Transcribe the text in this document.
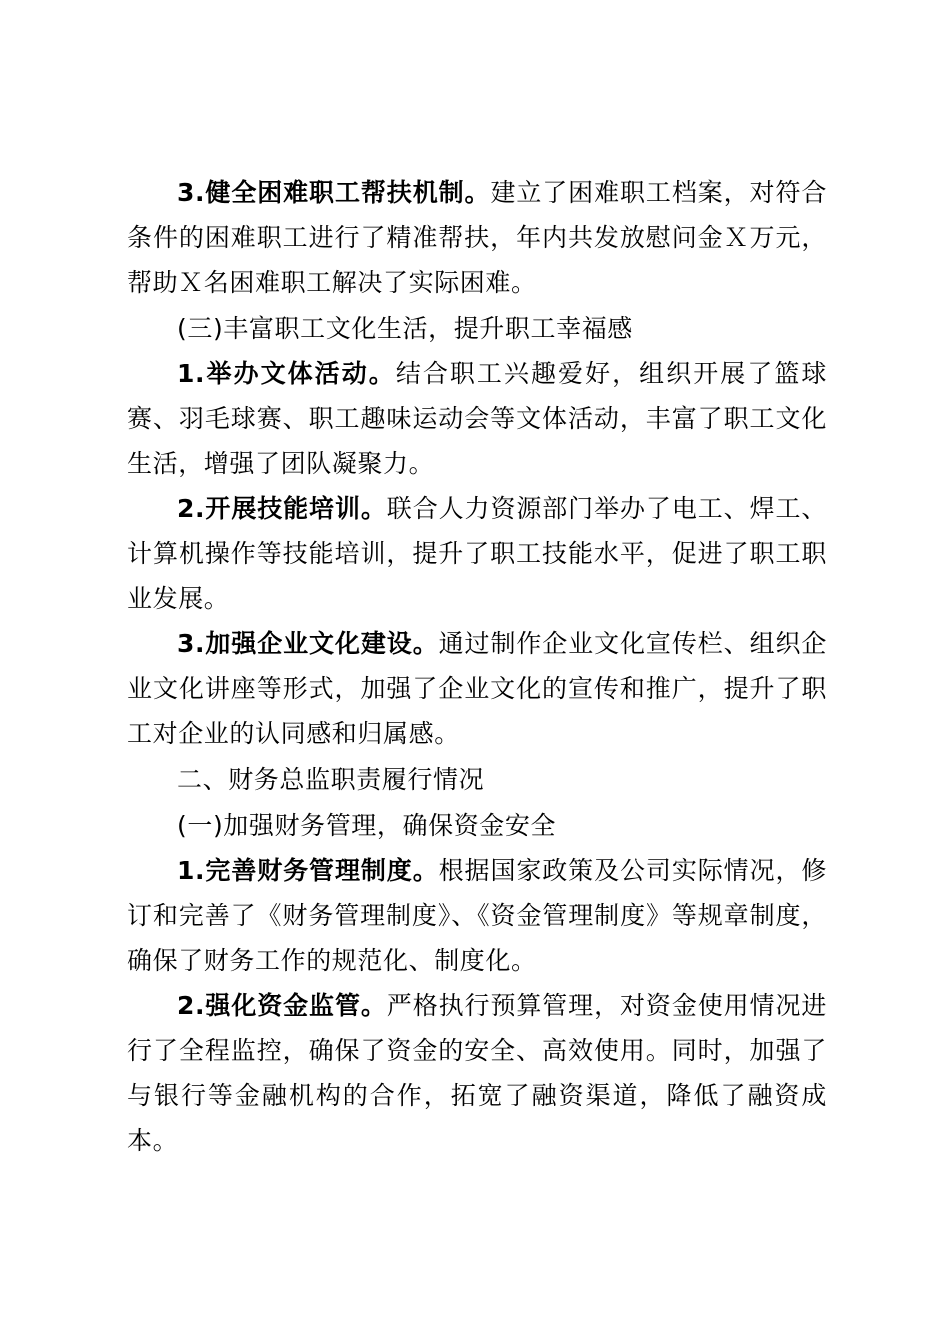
3.健全困难职工帮扶机制。建立了困难职工档案，对符合条件的困难职工进行了精准帮扶，年内共发放慰问金Ｘ万元，帮助Ｘ名困难职工解决了实际困难。

(三)丰富职工文化生活，提升职工幸福感

1.举办文体活动。结合职工兴趣爱好，组织开展了篮球赛、羽毛球赛、职工趣味运动会等文体活动，丰富了职工文化生活，增强了团队凝聚力。

2.开展技能培训。联合人力资源部门举办了电工、焊工、计算机操作等技能培训，提升了职工技能水平，促进了职工职业发展。

3.加强企业文化建设。通过制作企业文化宣传栏、组织企业文化讲座等形式，加强了企业文化的宣传和推广，提升了职工对企业的认同感和归属感。

二、财务总监职责履行情况

(一)加强财务管理，确保资金安全

1.完善财务管理制度。根据国家政策及公司实际情况，修订和完善了《财务管理制度》、《资金管理制度》等规章制度，确保了财务工作的规范化、制度化。

2.强化资金监管。严格执行预算管理，对资金使用情况进行了全程监控，确保了资金的安全、高效使用。同时，加强了与银行等金融机构的合作，拓宽了融资渠道，降低了融资成本。
